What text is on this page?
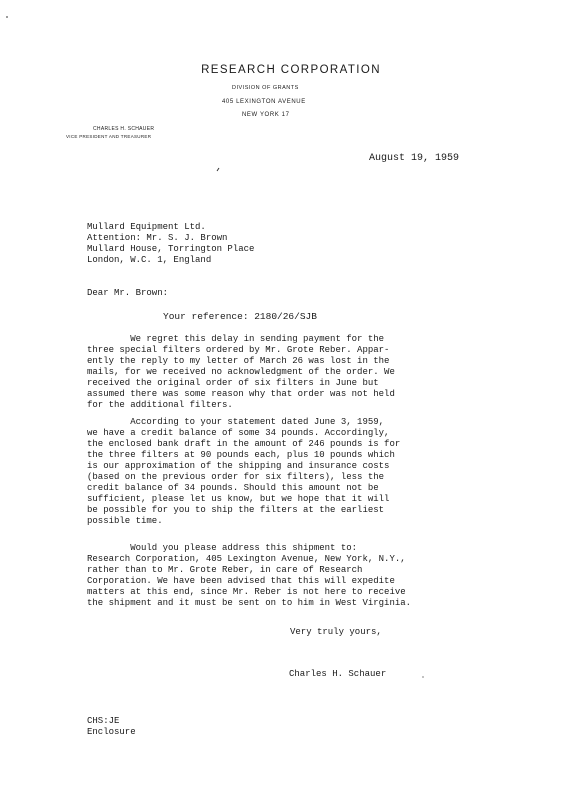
RESEARCH CORPORATION
DIVISION OF GRANTS
405 LEXINGTON AVENUE
NEW YORK 17
CHARLES H. SCHAUER
VICE PRESIDENT AND TREASURER
August 19, 1959
Mullard Equipment Ltd.
Attention: Mr. S. J. Brown
Mullard House, Torrington Place
London, W.C. 1, England
Dear Mr. Brown:
Your reference: 2180/26/SJB
We regret this delay in sending payment for the
three special filters ordered by Mr. Grote Reber. Appar-
ently the reply to my letter of March 26 was lost in the
mails, for we received no acknowledgment of the order. We
received the original order of six filters in June but
assumed there was some reason why that order was not held
for the additional filters.
According to your statement dated June 3, 1959,
we have a credit balance of some 34 pounds. Accordingly,
the enclosed bank draft in the amount of 246 pounds is for
the three filters at 90 pounds each, plus 10 pounds which
is our approximation of the shipping and insurance costs
(based on the previous order for six filters), less the
credit balance of 34 pounds. Should this amount not be
sufficient, please let us know, but we hope that it will
be possible for you to ship the filters at the earliest
possible time.
Would you please address this shipment to:
Research Corporation, 405 Lexington Avenue, New York, N.Y.,
rather than to Mr. Grote Reber, in care of Research
Corporation. We have been advised that this will expedite
matters at this end, since Mr. Reber is not here to receive
the shipment and it must be sent on to him in West Virginia.
Very truly yours,
Charles H. Schauer
CHS:JE
Enclosure
